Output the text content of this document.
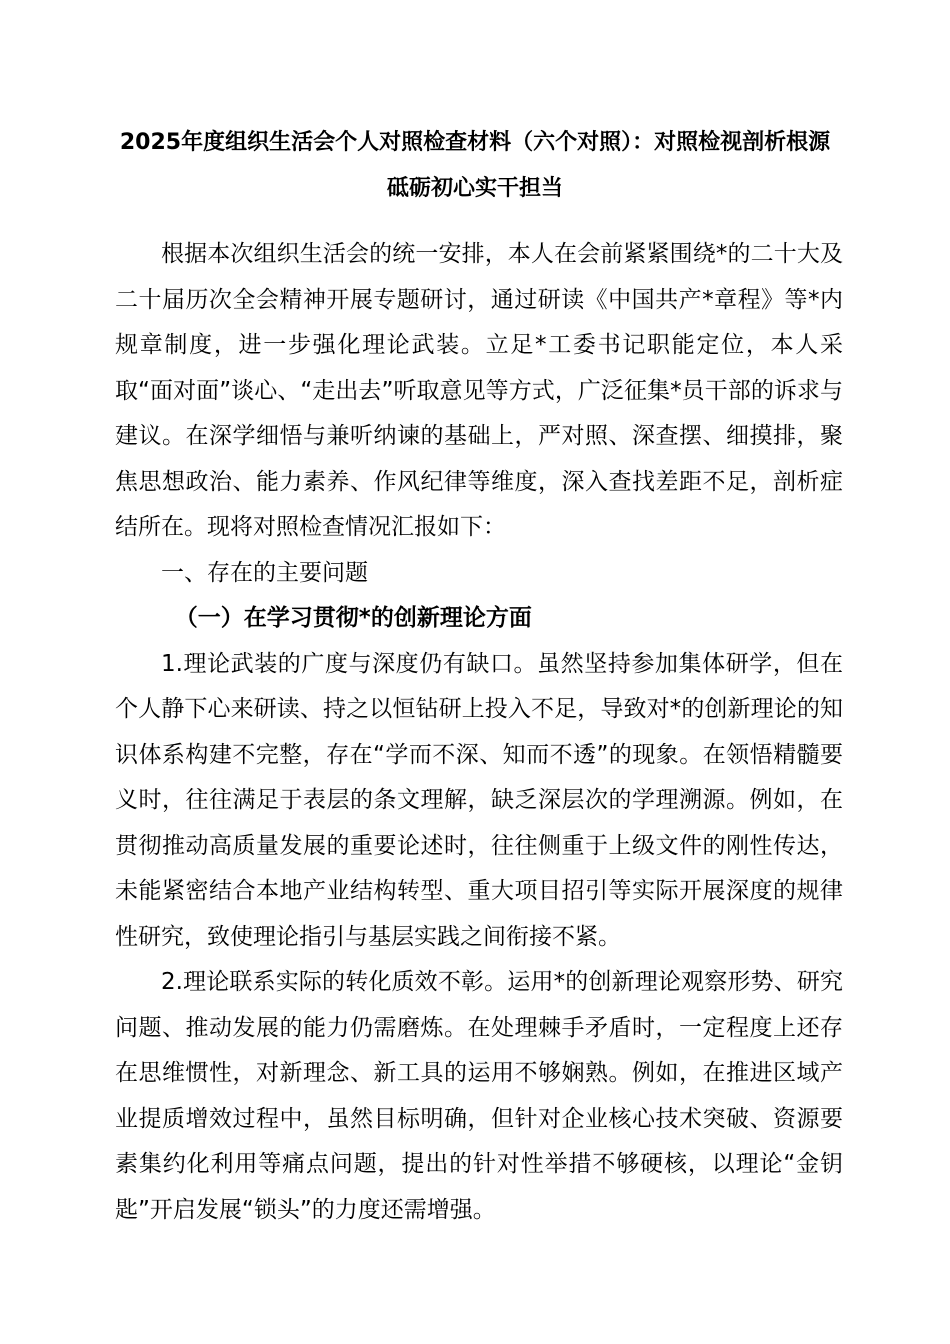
2025年度组织生活会个人对照检查材料（六个对照）：对照检视剖析根源 砥砺初心实干担当

根据本次组织生活会的统一安排，本人在会前紧紧围绕*的二十大及二十届历次全会精神开展专题研讨，通过研读《中国共产*章程》等*内规章制度，进一步强化理论武装。立足*工委书记职能定位，本人采取“面对面”谈心、“走出去”听取意见等方式，广泛征集*员干部的诉求与建议。在深学细悟与兼听纳谏的基础上，严对照、深查摆、细摸排，聚焦思想政治、能力素养、作风纪律等维度，深入查找差距不足，剖析症结所在。现将对照检查情况汇报如下：

一、存在的主要问题

（一）在学习贯彻*的创新理论方面

1.理论武装的广度与深度仍有缺口。虽然坚持参加集体研学，但在个人静下心来研读、持之以恒钻研上投入不足，导致对*的创新理论的知识体系构建不完整，存在“学而不深、知而不透”的现象。在领悟精髓要义时，往往满足于表层的条文理解，缺乏深层次的学理溯源。例如，在贯彻推动高质量发展的重要论述时，往往侧重于上级文件的刚性传达，未能紧密结合本地产业结构转型、重大项目招引等实际开展深度的规律性研究，致使理论指引与基层实践之间衔接不紧。

2.理论联系实际的转化质效不彰。运用*的创新理论观察形势、研究问题、推动发展的能力仍需磨炼。在处理棘手矛盾时，一定程度上还存在思维惯性，对新理念、新工具的运用不够娴熟。例如，在推进区域产业提质增效过程中，虽然目标明确，但针对企业核心技术突破、资源要素集约化利用等痛点问题，提出的针对性举措不够硬核，以理论“金钥匙”开启发展“锁头”的力度还需增强。
